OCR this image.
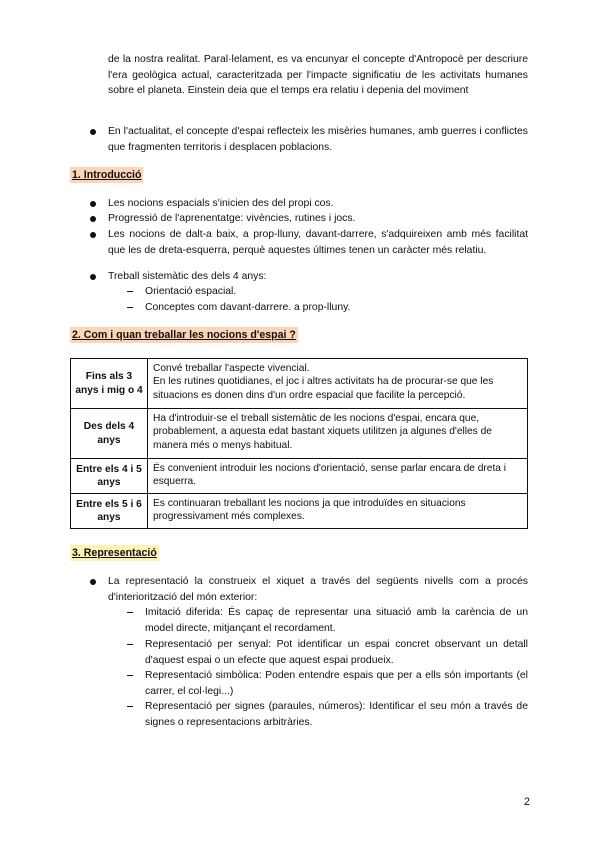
de la nostra realitat. Paral·lelament, es va encunyar el concepte d'Antropocè per descriure l'era geològica actual, caracteritzada per l'impacte significatiu de les activitats humanes sobre el planeta. Einstein deia que el temps era relatiu i depenia del moviment
En l'actualitat, el concepte d'espai reflecteix les misèries humanes, amb guerres i conflictes que fragmenten territoris i desplacen poblacions.
1. Introducció
Les nocions espacials s'inicien des del propi cos.
Progressió de l'aprenentatge: vivències, rutines i jocs.
Les nocions de dalt-a baix, a prop-lluny, davant-darrere, s'adquireixen amb més facilitat que les de dreta-esquerra, perquè aquestes últimes tenen un caràcter més relatiu.
Treball sistemàtic des dels 4 anys:
Orientació espacial.
Conceptes com davant-darrere. a prop-lluny.
2. Com i quan treballar les nocions d'espai ?
Fins als 3 anys i mig o 4	Convé treballar l'aspecte vivencial.
En les rutines quotidianes, el joc i altres activitats ha de procurar-se que les situacions es donen dins d'un ordre espacial que facilite la percepció.

Des dels 4 anys	Ha d'introduir-se el treball sistemàtic de les nocions d'espai, encara que, probablement, a aquesta edat bastant xiquets utilitzen ja algunes d'elles de manera més o menys habitual.
Entre els 4 i 5 anys	És convenient introduir les nocions d'orientació, sense parlar encara de dreta i esquerra.
Entre els 5 i 6 anys	Es continuaran treballant les nocions ja que introduïdes en situacions progressivament més complexes.
3. Representació
La representació la construeix el xiquet a través del següents nivells com a procés d'interiorització del món exterior:
Imitació diferida: És capaç de representar una situació amb la carència de un model directe, mitjançant el recordament.
Representació per senyal: Pot identificar un espai concret observant un detall d'aquest espai o un efecte que aquest espai produeix.
Representació simbòlica: Poden entendre espais que per a ells són importants (el carrer, el col·legi...)
Representació per signes (paraules, números): Identificar el seu món a través de signes o representacions arbitràries.
2
